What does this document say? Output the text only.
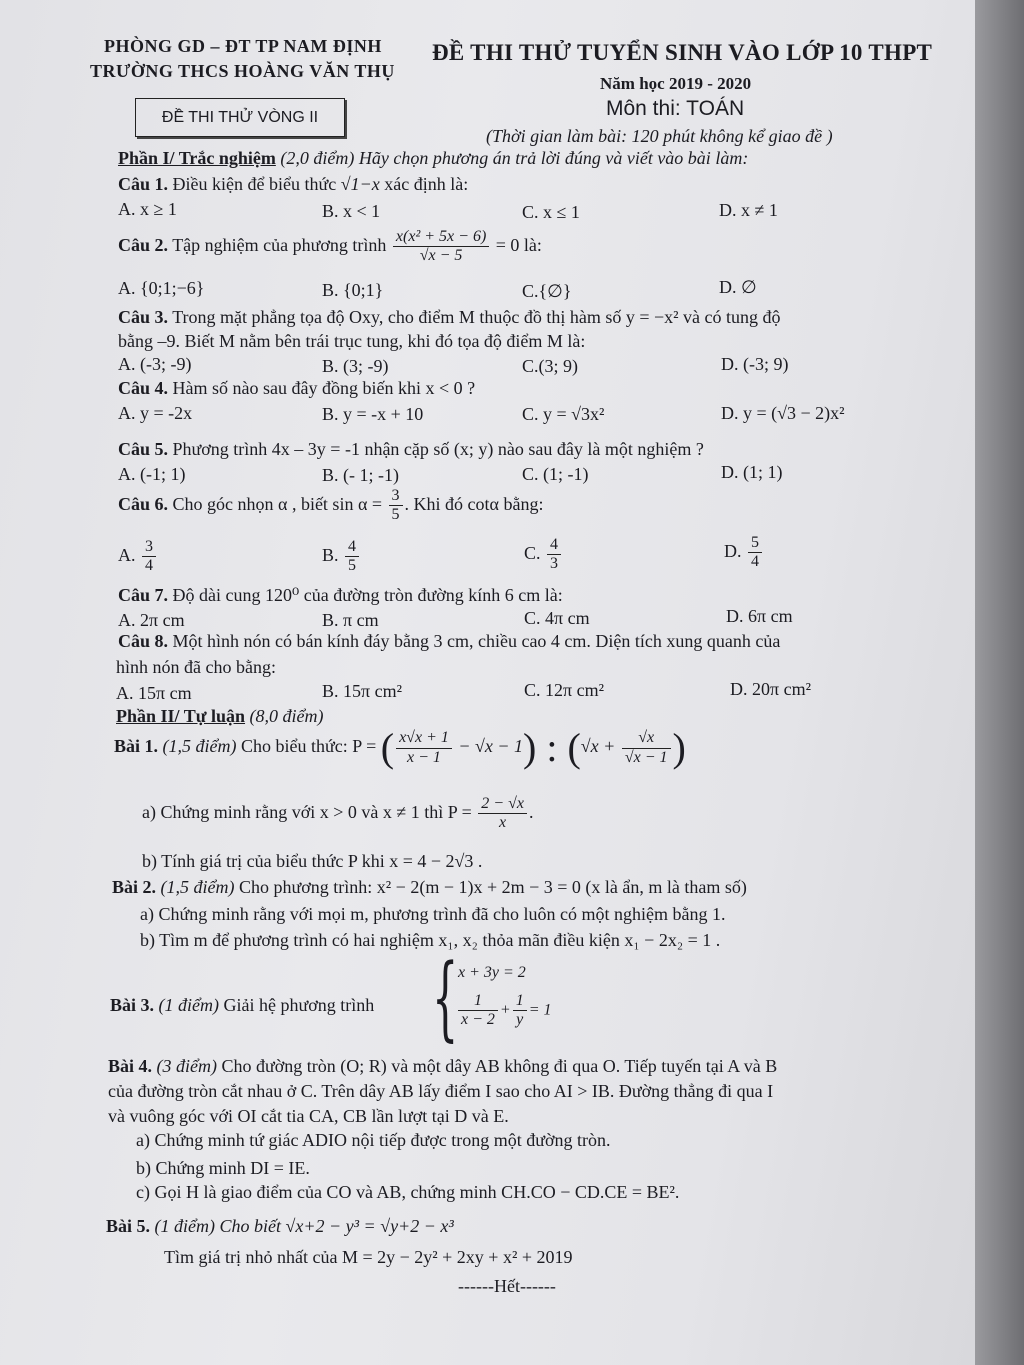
PHÒNG GD – ĐT TP NAM ĐỊNH
TRƯỜNG THCS HOÀNG VĂN THỤ
ĐỀ THI THỬ TUYỂN SINH VÀO LỚP 10 THPT
Năm học 2019 - 2020
ĐỀ THI THỬ VÒNG II	Môn thi: TOÁN
(Thời gian làm bài: 120 phút không kể giao đề )
Phần I/ Trắc nghiệm (2,0 điểm) Hãy chọn phương án trả lời đúng và viết vào bài làm:
Câu 1. Điều kiện để biểu thức √1−x xác định là:
A. x ≥ 1	B. x < 1	C. x ≤ 1	D. x ≠ 1
Câu 2. Tập nghiệm của phương trình $\frac{\text{x(x² + 5x − 6)}}{√x - 5} = 0$ là:
A. {0;1;−6}	B. {0;1}	C.{∅}	D. ∅
Câu 3. Trong mặt phẳng tọa độ Oxy, cho điểm M thuộc đồ thị hàm số y = −x² và có tung độ
bằng –9. Biết M nằm bên trái trục tung, khi đó tọa độ điểm M là:
A. (-3; -9)	B. (3; -9)	C.(3; 9)	D. (-3; 9)
Câu 4. Hàm số nào sau đây đồng biến khi x < 0 ?
A. y = -2x	B. y = -x + 10	C. y = √3x²	D. y = (√3 − 2)x²
Câu 5. Phương trình 4x – 3y = -1 nhận cặp số (x; y) nào sau đây là một nghiệm ?
A. (-1; 1)	B. (- 1; -1)	C. (1; -1)	D. (1; 1)
Câu 6. Cho góc nhọn α , biết $\sin \alpha = \frac{3}{5}$ . Khi đó cotα bằng:
A. $\frac{3}{4}$	B. $\frac{4}{5}$	C. $\frac{4}{3}$	D. $\frac{5}{4}$
Câu 7. Độ dài cung 120⁰ của đường tròn đường kính 6 cm là:
A. 2π cm	B. π cm	C. 4π cm	D. 6π cm
Câu 8. Một hình nón có bán kính đáy bằng 3 cm, chiều cao 4 cm. Diện tích xung quanh của
hình nón đã cho bằng:
A. 15π cm	B. 15π cm²	C. 12π cm²	D. 20π cm²
Phần II/ Tự luận (8,0 điểm)
Bài 1. (1,5 điểm) Cho biểu thức: P = ( $\frac{x√x + 1}{x - 1} - √x - 1$) : ($√x + \frac{√x}{√x - 1}$ )
a) Chứng minh rằng với x > 0 và x ≠ 1 thì $P = \frac{2 - √x}{x}$ .
b) Tính giá trị của biểu thức P khi x = 4 − 2√3 .
Bài 2. (1,5 điểm) Cho phương trình: x² − 2(m − 1)x + 2m − 3 = 0 (x là ẩn, m là tham số)
a) Chứng minh rằng với mọi m, phương trình đã cho luôn có một nghiệm bằng 1.
b) Tìm m để phương trình có hai nghiệm x₁, x₂ thỏa mãn điều kiện x₁ − 2x₂ = 1 .
Bài 3. (1 điểm) Giải hệ phương trình { x + 3y = 2
$\frac{1}{x - 2} + \frac{1}{y} = 1$
Bài 4. (3 điểm) Cho đường tròn (O; R) và một dây AB không đi qua O. Tiếp tuyến tại A và B
của đường tròn cắt nhau ở C. Trên dây AB lấy điểm I sao cho AI > IB. Đường thẳng đi qua I
và vuông góc với OI cắt tia CA, CB lần lượt tại D và E.
a) Chứng minh tứ giác ADIO nội tiếp được trong một đường tròn.
b) Chứng minh DI = IE.
c) Gọi H là giao điểm của CO và AB, chứng minh CH.CO − CD.CE = BE².
Bài 5. (1 điểm) Cho biết √x+2 − y³ = √y+2 − x³
Tìm giá trị nhỏ nhất của M = 2y − 2y² + 2xy + x² + 2019
------Hết------
